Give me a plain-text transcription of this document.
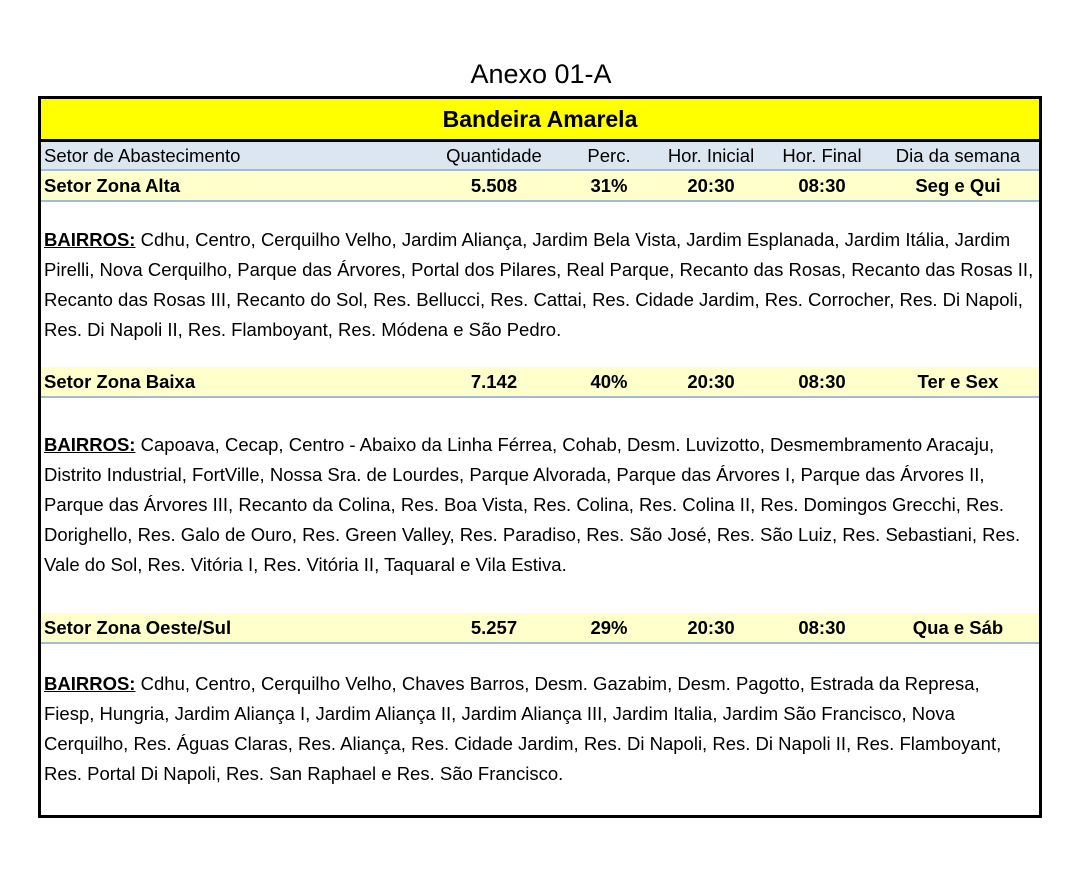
Anexo 01-A
Bandeira Amarela
Setor de Abastecimento	Quantidade	Perc.	Hor. Inicial	Hor. Final	Dia da semana
Setor Zona Alta	5.508	31%	20:30	08:30	Seg e Qui
BAIRROS: Cdhu, Centro, Cerquilho Velho, Jardim Aliança, Jardim Bela Vista, Jardim Esplanada, Jardim Itália, Jardim Pirelli, Nova Cerquilho, Parque das Árvores, Portal dos Pilares, Real Parque, Recanto das Rosas, Recanto das Rosas II, Recanto das Rosas III, Recanto do Sol, Res. Bellucci, Res. Cattai, Res. Cidade Jardim, Res. Corrocher, Res. Di Napoli, Res. Di Napoli II, Res. Flamboyant, Res. Módena e São Pedro.
Setor Zona Baixa	7.142	40%	20:30	08:30	Ter e Sex
BAIRROS: Capoava, Cecap, Centro - Abaixo da Linha Férrea, Cohab, Desm. Luvizotto, Desmembramento Aracaju, Distrito Industrial, FortVille, Nossa Sra. de Lourdes, Parque Alvorada, Parque das Árvores I, Parque das Árvores II, Parque das Árvores III, Recanto da Colina, Res. Boa Vista, Res. Colina, Res. Colina II, Res. Domingos Grecchi, Res. Dorighello, Res. Galo de Ouro, Res. Green Valley, Res. Paradiso, Res. São José, Res. São Luiz, Res. Sebastiani, Res. Vale do Sol, Res. Vitória I, Res. Vitória II, Taquaral e Vila Estiva.
Setor Zona Oeste/Sul	5.257	29%	20:30	08:30	Qua e Sáb
BAIRROS: Cdhu, Centro, Cerquilho Velho, Chaves Barros, Desm. Gazabim, Desm. Pagotto, Estrada da Represa, Fiesp, Hungria, Jardim Aliança I, Jardim Aliança II, Jardim Aliança III, Jardim Italia, Jardim São Francisco, Nova Cerquilho, Res. Águas Claras, Res. Aliança, Res. Cidade Jardim, Res. Di Napoli, Res. Di Napoli II, Res. Flamboyant, Res. Portal Di Napoli, Res. San Raphael e Res. São Francisco.
